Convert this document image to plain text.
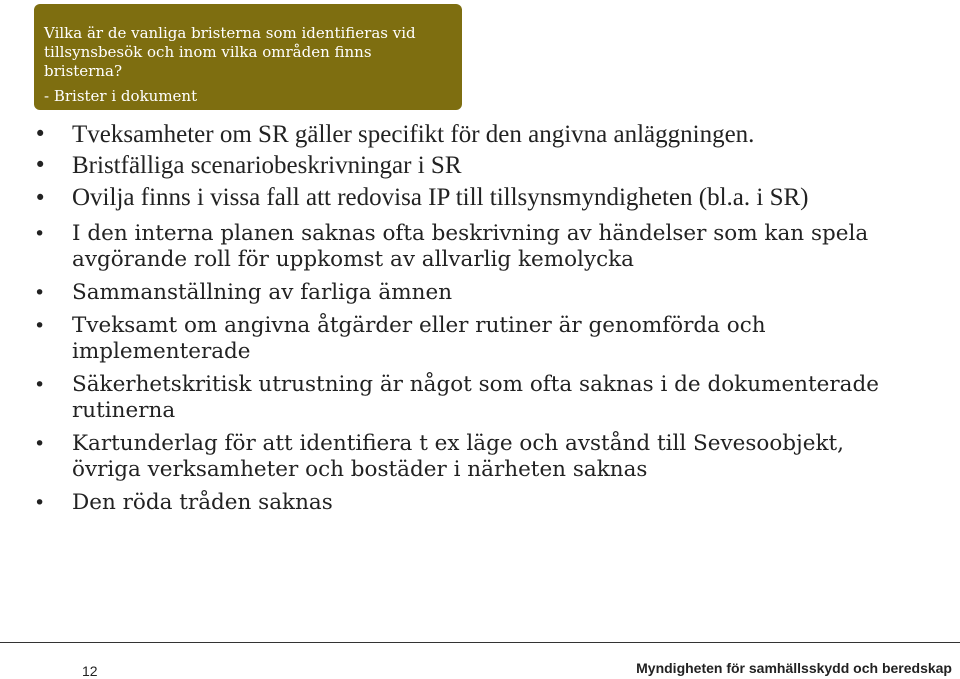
Vilka är de vanliga bristerna som identifieras vid
tillsynsbesök och inom vilka områden finns bristerna?
- Brister i dokument
• Tveksamheter om SR gäller specifikt för den angivna anläggningen.
• Bristfälliga scenariobeskrivningar i SR
• Ovilja finns i vissa fall att redovisa IP till tillsynsmyndigheten (bl.a. i SR)
• I den interna planen saknas ofta beskrivning av händelser som kan spela avgörande roll för uppkomst av allvarlig kemolycka
• Sammanställning av farliga ämnen
• Tveksamt om angivna åtgärder eller rutiner är genomförda och implementerade
• Säkerhetskritisk utrustning är något som ofta saknas i de dokumenterade rutinerna
• Kartunderlag för att identifiera t ex läge och avstånd till Sevesoobjekt, övriga verksamheter och bostäder i närheten saknas
• Den röda tråden saknas
12	Myndigheten för samhällsskydd och beredskap
